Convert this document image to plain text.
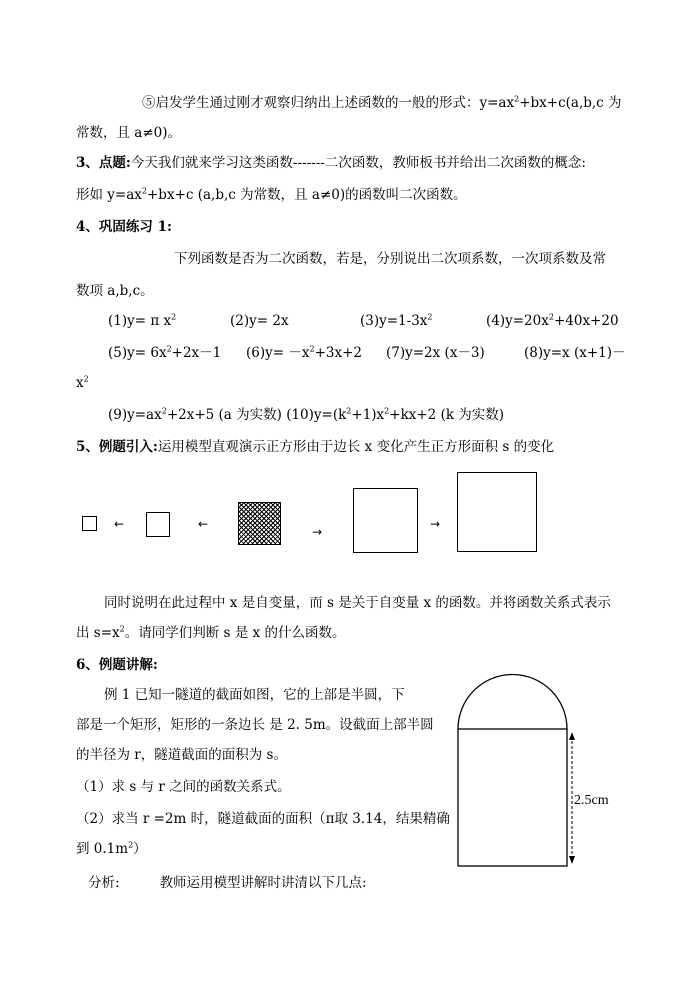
⑤启发学生通过刚才观察归纳出上述函数的一般的形式：$y=ax^2+bx+c(a,b,c$ 为
常数，且 a≠0)。
3、点题:今天我们就来学习这类函数-------二次函数，教师板书并给出二次函数的概念:
形如 $y=ax^2+bx+c$ (a,b,c 为常数，且 a≠0)的函数叫二次函数。
4、巩固练习 1:
下列函数是否为二次函数，若是，分别说出二次项系数，一次项系数及常
数项 a,b,c。
(1)y= π $x^2$	(2)y= 2x	$(3)y=1-3x^2$	$(4)y=20x^2+40x+20$
$(5)y= 6x^2+2x-1$ $(6)y= -x^2+3x+2$ (7)y=2x (x－3)	(8)y=x (x+1)－
$x^2$
$(9)y=ax^2+2x+5$ (a 为实数) $(10)y=(k^2+1)x^2+kx+2$ (k 为实数)
5、例题引入:运用模型直观演示正方形由于边长 x 变化产生正方形面积 s 的变化
←	←
→
→
同时说明在此过程中 x 是自变量，而 s 是关于自变量 x 的函数。并将函数关系式表示
出 $s=x^2$。请同学们判断 s 是 x 的什么函数。
6、例题讲解:
例 1 已知一隧道的截面如图，它的上部是半圆，下
部是一个矩形，矩形的一条边长 是 2. 5m。设截面上部半圆
的半径为 r，隧道截面的面积为 s。
（1）求 s 与 r 之间的函数关系式。
（2）求当 r =2m 时，隧道截面的面积（π取 3.14，结果精确
到 $0.1m^2$）
分析:	教师运用模型讲解时讲清以下几点:
2.5cm
